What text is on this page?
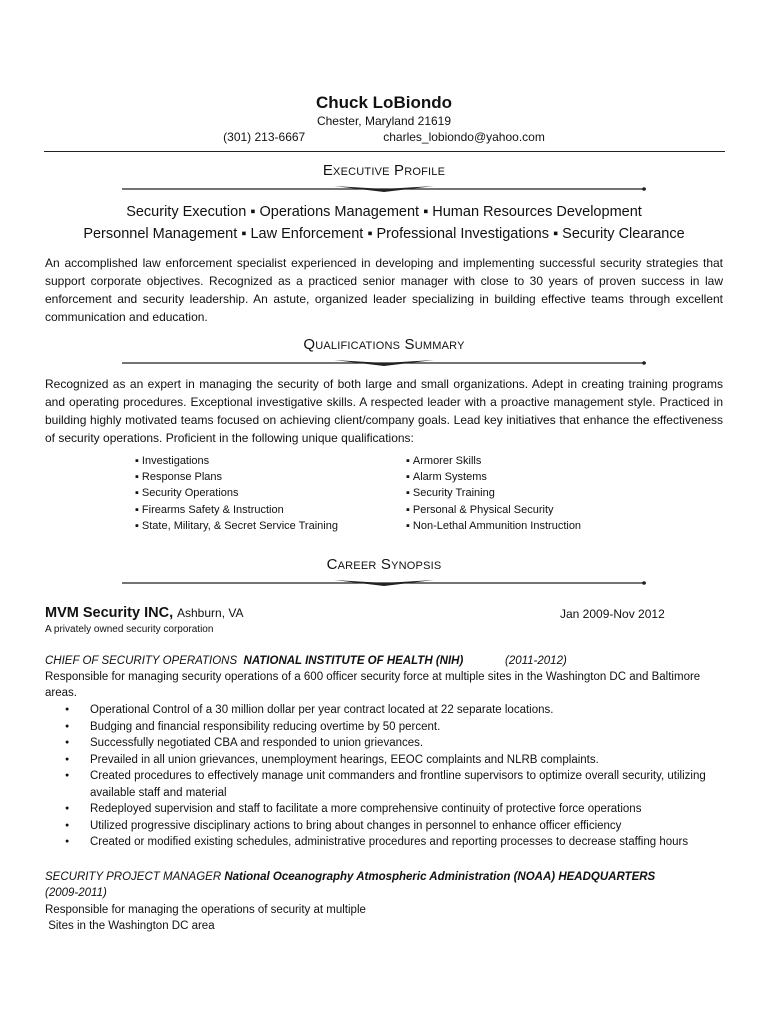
Chuck LoBiondo
Chester, Maryland 21619
(301) 213-6667	charles_lobiondo@yahoo.com
Executive Profile
Security Execution ▪ Operations Management ▪ Human Resources Development
Personnel Management ▪ Law Enforcement ▪ Professional Investigations ▪ Security Clearance
An accomplished law enforcement specialist experienced in developing and implementing successful security strategies that support corporate objectives. Recognized as a practiced senior manager with close to 30 years of proven success in law enforcement and security leadership. An astute, organized leader specializing in building effective teams through excellent communication and education.
Qualifications Summary
Recognized as an expert in managing the security of both large and small organizations. Adept in creating training programs and operating procedures. Exceptional investigative skills. A respected leader with a proactive management style. Practiced in building highly motivated teams focused on achieving client/company goals. Lead key initiatives that enhance the effectiveness of security operations. Proficient in the following unique qualifications:
▪ Investigations
▪ Response Plans
▪ Security Operations
▪ Firearms Safety & Instruction
▪ State, Military, & Secret Service Training
▪ Armorer Skills
▪ Alarm Systems
▪ Security Training
▪ Personal & Physical Security
▪ Non-Lethal Ammunition Instruction
Career Synopsis
MVM Security INC, Ashburn, VA	Jan 2009-Nov 2012
A privately owned security corporation
CHIEF OF SECURITY OPERATIONS NATIONAL INSTITUTE OF HEALTH (NIH)	(2011-2012)
Responsible for managing security operations of a 600 officer security force at multiple sites in the Washington DC and Baltimore areas.
● Operational Control of a 30 million dollar per year contract located at 22 separate locations.
● Budging and financial responsibility reducing overtime by 50 percent.
● Successfully negotiated CBA and responded to union grievances.
● Prevailed in all union grievances, unemployment hearings, EEOC complaints and NLRB complaints.
● Created procedures to effectively manage unit commanders and frontline supervisors to optimize overall security, utilizing available staff and material
● Redeployed supervision and staff to facilitate a more comprehensive continuity of protective force operations
● Utilized progressive disciplinary actions to bring about changes in personnel to enhance officer efficiency
● Created or modified existing schedules, administrative procedures and reporting processes to decrease staffing hours
SECURITY PROJECT MANAGER National Oceanography Atmospheric Administration (NOAA) HEADQUARTERS
(2009-2011)
Responsible for managing the operations of security at multiple
Sites in the Washington DC area
